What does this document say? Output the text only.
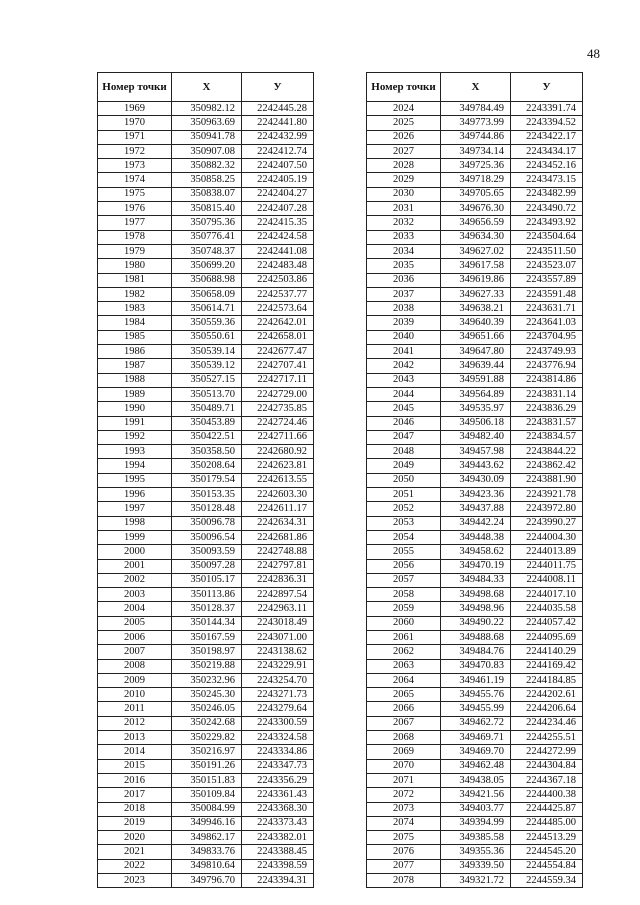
48
Номер точки	X	У
1969	350982.12	2242445.28
1970	350963.69	2242441.80
1971	350941.78	2242432.99
1972	350907.08	2242412.74
1973	350882.32	2242407.50
1974	350858.25	2242405.19
1975	350838.07	2242404.27
1976	350815.40	2242407.28
1977	350795.36	2242415.35
1978	350776.41	2242424.58
1979	350748.37	2242441.08
1980	350699.20	2242483.48
1981	350688.98	2242503.86
1982	350658.09	2242537.77
1983	350614.71	2242573.64
1984	350559.36	2242642.01
1985	350550.61	2242658.01
1986	350539.14	2242677.47
1987	350539.12	2242707.41
1988	350527.15	2242717.11
1989	350513.70	2242729.00
1990	350489.71	2242735.85
1991	350453.89	2242724.46
1992	350422.51	2242711.66
1993	350358.50	2242680.92
1994	350208.64	2242623.81
1995	350179.54	2242613.55
1996	350153.35	2242603.30
1997	350128.48	2242611.17
1998	350096.78	2242634.31
1999	350096.54	2242681.86
2000	350093.59	2242748.88
2001	350097.28	2242797.81
2002	350105.17	2242836.31
2003	350113.86	2242897.54
2004	350128.37	2242963.11
2005	350144.34	2243018.49
2006	350167.59	2243071.00
2007	350198.97	2243138.62
2008	350219.88	2243229.91
2009	350232.96	2243254.70
2010	350245.30	2243271.73
2011	350246.05	2243279.64
2012	350242.68	2243300.59
2013	350229.82	2243324.58
2014	350216.97	2243334.86
2015	350191.26	2243347.73
2016	350151.83	2243356.29
2017	350109.84	2243361.43
2018	350084.99	2243368.30
2019	349946.16	2243373.43
2020	349862.17	2243382.01
2021	349833.76	2243388.45
2022	349810.64	2243398.59
2023	349796.70	2243394.31
Номер точки	X	У
2024	349784.49	2243391.74
2025	349773.99	2243394.52
2026	349744.86	2243422.17
2027	349734.14	2243434.17
2028	349725.36	2243452.16
2029	349718.29	2243473.15
2030	349705.65	2243482.99
2031	349676.30	2243490.72
2032	349656.59	2243493.92
2033	349634.30	2243504.64
2034	349627.02	2243511.50
2035	349617.58	2243523.07
2036	349619.86	2243557.89
2037	349627.33	2243591.48
2038	349638.21	2243631.71
2039	349640.39	2243641.03
2040	349651.66	2243704.95
2041	349647.80	2243749.93
2042	349639.44	2243776.94
2043	349591.88	2243814.86
2044	349564.89	2243831.14
2045	349535.97	2243836.29
2046	349506.18	2243831.57
2047	349482.40	2243834.57
2048	349457.98	2243844.22
2049	349443.62	2243862.42
2050	349430.09	2243881.90
2051	349423.36	2243921.78
2052	349437.88	2243972.80
2053	349442.24	2243990.27
2054	349448.38	2244004.30
2055	349458.62	2244013.89
2056	349470.19	2244011.75
2057	349484.33	2244008.11
2058	349498.68	2244017.10
2059	349498.96	2244035.58
2060	349490.22	2244057.42
2061	349488.68	2244095.69
2062	349484.76	2244140.29
2063	349470.83	2244169.42
2064	349461.19	2244184.85
2065	349455.76	2244202.61
2066	349455.99	2244206.64
2067	349462.72	2244234.46
2068	349469.71	2244255.51
2069	349469.70	2244272.99
2070	349462.48	2244304.84
2071	349438.05	2244367.18
2072	349421.56	2244400.38
2073	349403.77	2244425.87
2074	349394.99	2244485.00
2075	349385.58	2244513.29
2076	349355.36	2244545.20
2077	349339.50	2244554.84
2078	349321.72	2244559.34
